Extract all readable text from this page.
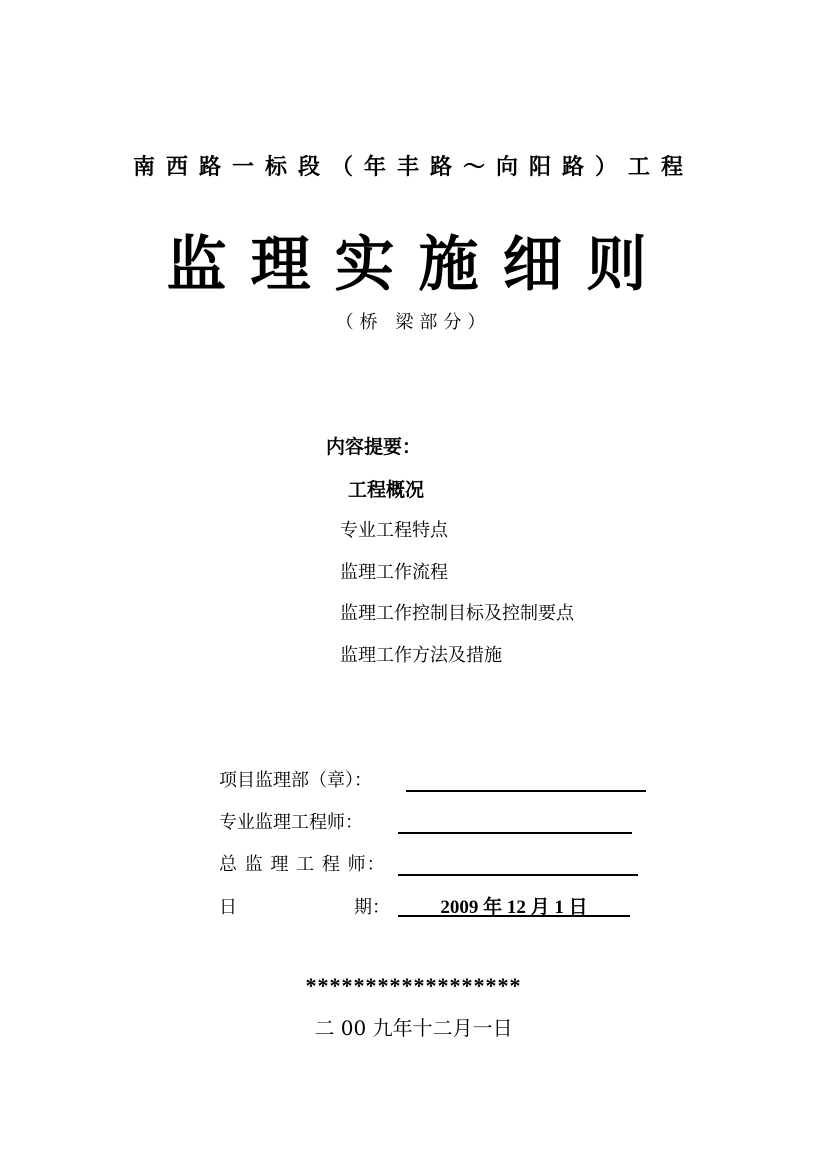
南西路一标段（年丰路～向阳路）工程
监理实施细则
（桥 梁部分）
内容提要：
工程概况
专业工程特点
监理工作流程
监理工作控制目标及控制要点
监理工作方法及措施
项目监理部（章）：
专业监理工程师：
总 监 理 工 程 师：
日	期：	2009 年 12 月 1 日
******************
二 00 九年十二月一日
